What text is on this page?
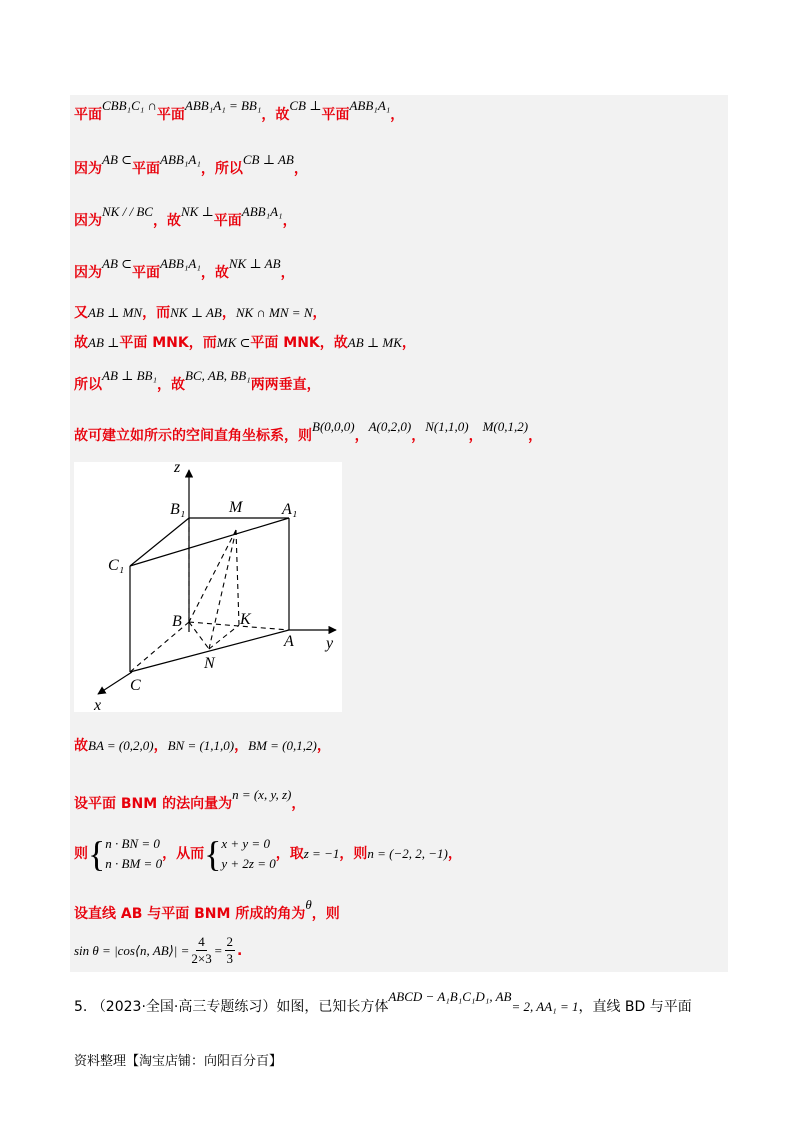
平面CBB₁C₁ ∩平面ABB₁A₁ = BB₁，故CB ⊥平面ABB₁A₁，
因为AB ⊂平面ABB₁A₁，所以CB ⊥ AB，
因为NK / / BC，故NK ⊥平面ABB₁A₁，
因为AB ⊂平面ABB₁A₁，故NK ⊥ AB，
又AB ⊥ MN，而NK ⊥ AB，NK ∩ MN = N，
故AB ⊥平面 MNK，而MK ⊂平面 MNK，故AB ⊥ MK，
所以AB ⊥ BB₁，故BC, AB, BB₁两两垂直，
故可建立如所示的空间直角坐标系，则B(0,0,0)，A(0,2,0)，N(1,1,0)，M(0,1,2)，
z
y
x
B₁	M A₁
C₁
B	K
A
N
C
故BA = (0,2,0)，BN = (1,1,0)，BM = (0,1,2)，
设平面 BNM 的法向量为n = (x, y, z)，
则{n · BN = 0
n · BM = 0，从而{x + y = 0
y + 2z = 0，取z = −1，则n = (−2, 2, −1)，
设直线 AB 与平面 BNM 所成的角为θ，则
sin θ = |cos⟨n, AB⟩| = $\frac{4}{2\times 3} = \frac{2}{3}$ .
5. （2023·全国·高三专题练习）如图，已知长方体ABCD − A₁B₁C₁D₁, AB= 2, AA₁ = 1，直线 BD 与平面
资料整理【淘宝店铺：向阳百分百】
